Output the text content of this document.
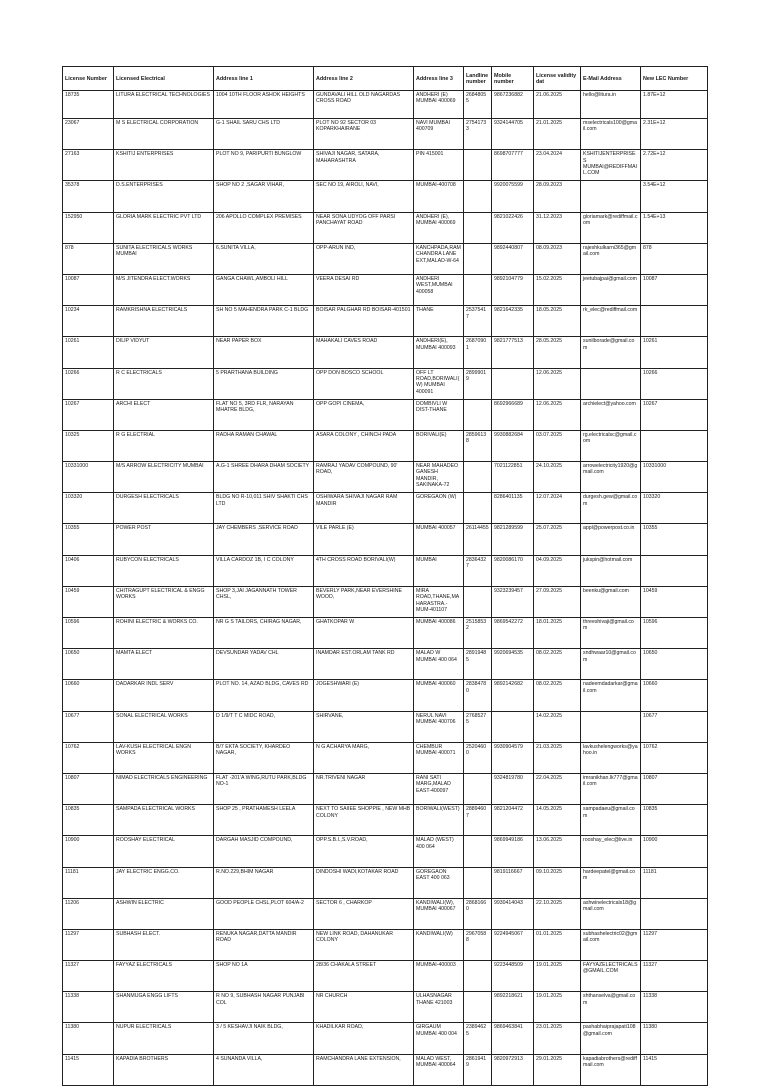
License Number	Licensed Electrical	Address line 1	Address line 2	Address line 3	Landline number	Mobile number	License validity dat	E-Mail Address	New LEC Number
18735	LITURA ELECTRICAL TECHNOLOGIES	1004 10TH FLOOR ASHOK HEIGHTS	GUNDAVALI HILL OLD NAGARDAS CROSS ROAD	ANDHERI (E) MUMBAI 400069	26848055	9867236882	21.06.2025	hello@litura.in	1.87E+12
23067	M S ELECTRICAL CORPORATION	G-1 SHAIL SARU CHS LTD	PLOT NO 92 SECTOR 03 KOPARKHAIRANE	NAVI MUMBAI 400709	27541733	9324144705	21.01.2025	mselectricals100@gmail.com	2.31E+12
27163	KSHITIJ ENTERPRISES	PLOT NO 9, PARIPURTI BUNGLOW	SHIVAJI NAGAR, SATARA, MAHARASHTRA	PIN 415001		8698707777	23.04.2024	KSHITIJENTERPRISES MUMBAI@REDIFFMAIL.COM	2.72E+12
35378	D.S.ENTERPRISES	SHOP NO 2 ,SAGAR VIHAR,	SEC NO 19, AIROLI, NAVI,	MUMBAI-400708		9920075599	28.09.2023		3.54E+12
152950	GLORIA MARK ELECTRIC PVT LTD	206 APOLLO COMPLEX PREMISES	NEAR SONA UDYOG OFF PARSI PANCHAYAT ROAD	ANDHERI (E), MUMBAI 400069		9821022426	31.12.2023	gloriamark@rediffmail.com	1.54E+13
878	SUNITA ELECTRICALS WORKS MUMBAI	6,SUNITA VILLA,	OPP-ARUN IND,	KANCHPADA,RAM CHANDRA LANE EXT,MALAD-W-64		9892440807	08.09.2023	rajeshkulkarni365@gmail.com	878
10087	M/S JITENDRA ELECT.WORKS	GANGA CHAWL,AMBOLI HILL	VEERA DESAI RD	ANDHERI WEST,MUMBAI 400058		9892104779	15.02.2025	jeetubajpai@gmail.com	10087
10234	RAMKRISHNA ELECTRICALS	SH NO 5 MAHENDRA PARK C-1 BLDG	BOISAR PALGHAR RD BOISAR-401501	THANE	25375417	9821642335	18.05.2025	rk_elec@rediffmail.com	
10261	DILIP VIDYUT	NEAR PAPER BOX	MAHAKALI CAVES ROAD	ANDHERI(E), MUMBAI 400093	26870901	9821777513	28.05.2025	sunilborade@gmail.com	10261
10266	R C ELECTRICALS	5 PRARTHANA BUILDING	OPP DON BOSCO SCHOOL	OFF LT ROAD,BORIWALI( W) MUMBAI 400091	28999019		12.06.2025		10266
10267	ARCHI ELECT	FLAT NO 5, 3RD FLR, NARAYAN MHATRE BLDG,	OPP GOPI CINEMA,	DOMBIVLI W DIST-THANE		8692966689	12.06.2025	archielect@yahoo.com	10267
10325	R G ELECTRIAL	RADHA RAMAN CHAWAL	ASARA COLONY , CHINCH PADA	BORIVALI(E)	28596138	9930882684	03.07.2025	rg.electricalsc@gmail.com	
10331000	M/S ARROW ELECTRICITY MUMBAI	A.G-1 SHREE DHARA DHAM SOCIETY	RAMRAJ YADAV COMPOUND, 90' ROAD,	NEAR MAHADEO GANESH MANDIR, SAKINAKA-72		7021122851	24.10.2025	arrowelectricity1920@gmail.com	10331000
103320	DURGESH ELECTRICALS	BLDG NO R-10,011 SHIV SHAKTI CHS LTD	OSHIWARA SHIVAJI NAGAR RAM MANDIR	GOREGAON (W)		8286401135	12.07.2024	durgesh.gew@gmail.com	103320
10355	POWER POST	JAY CHEMBERS ,SERVICE ROAD	VILE PARLE (E)	MUMBAI 400057	26114455	9821289599	25.07.2025	appl@powerpost.co.in	10355
10406	RUBYCON ELECTRICALS	VILLA CARDOZ 1B, I C COLONY	4TH CROSS ROAD BORIVALI(W)	MUMBAI	28364327	9820086170	04.09.2025	jukspin@hotmail.com	
10459	CHITRAGUPT ELECTRICAL & ENGG WORKS	SHOP 3,JAI JAGANNATH TOWER CHSL,	BEVERLY PARK,NEAR EVERSHINE WOOD,	MIRA ROAD,THANE,MAHARASTRA.-MUM-401107		9323239457	27.09.2025	beenku@gmail.com	10459
10596	ROHINI ELECTRIC & WORKS CO.	NR G S TAILORS, CHIRAG NAGAR,	GHATKOPAR W	MUMBAI 400086	25158532	9869542272	18.01.2025	threeshivaji@gmail.com	10596
10650	MAMTA ELECT	DEVSUNDAR YADAV CHL	INAMDAR EST.ORLAM TANK RD	MALAD W MUMBAI 400 064	28919485	9920694535	08.02.2025	sndhwaar10@gmail.com	10650
10660	DADARKAR INDL SERV	PLOT NO. 14, AZAD BLDG, CAVES RD	JOGESHWARI (E)	MUMBAI 400060	28384780	9892142682	08.02.2025	nadeemdadarkar@gmail.com	10660
10677	SONAL ELECTRICAL WORKS	D 1/9/T T C MIDC ROAD,	SHIRVANE,	NERUL NAVI MUMBAI 400706	27685275		14.02.2025		10677
10762	LAV-KUSH ELECTRICAL ENGN WORKS	B/7 EKTA SOCIETY, KHARDEO NAGAR,	N G ACHARYA MARG,	CHEMBUR MUMBAI 400071	25204600	9930904579	21.03.2025	lavkushelengworks@yahoo.in	10762
10807	NIMAD ELECTRICALS ENGINEERING	FLAT -201'A WING,RUTU PARK,BLDG NO-1	NR.TRIVENI NAGAR	RANI SATI MARG,MALAD EAST-400097		9324819780	22.04.2025	imranikhan.lk777@gmail.com	10807
10835	SAMPADA ELECTRICAL WORKS	SHOP 25 , PRATHAMESH LEELA	NEXT TO SAIIEE SHOPPIE , NEW MHB COLONY	BORIWALI(WEST)	28894607	9821204472	14.05.2025	sampadaeu@gmail.com	10835
10900	ROOSHAY ELECTRICAL	DARGAH MASJID COMPOUND,	OPP.S.B.I.,S.V.ROAD,	MALAD (WEST) 400 064		9869949186	13.06.2025	rooshay_elec@live.in	10900
11181	JAY ELECTRIC ENGG.CO.	R.NO.229,BHIM NAGAR	DINDOSHI WADI,KOTAKAR ROAD	GOREGAON EAST 400 063		9819116667	09.10.2025	hardeepatel@gmail.com	11181
11206	ASHWIN ELECTRIC	GOOD PEOPLE CHSL,PLOT 604/A-2	SECTOR 6 , CHARKOP	KANDIWALI(W), MUMBAI 400067	28681660	9930414043	22.10.2025	ashwinelectricals18@gmail.com	
11297	SUBHASH ELECT.	RENUKA NAGAR,DATTA MANDIR ROAD	NEW LINK ROAD, DAHANUKAR COLONY	KANDIWALI(W)	29670588	9224945067	01.01.2025	subhashelectric02@gmail.com	11297
11327	FAYYAZ ELECTRICALS	SHOP NO 1A	28/36 CHAKALA STREET	MUMBAI-400003		9223448509	19.01.2025	FAYYAZELECTRICALS@GMAIL.COM	11327
11338	SHANMUGA ENGG LIFTS	R NO 9, SUBHASH NAGAR PUNJABI COL	NR CHURCH	ULHASNAGAR THANE 421003		9892218621	19.01.2025	shthanselva@gmail.com	11338
11380	NUPUR ELECTRICALS	3 / 5 KESHAVJI NAIK BLDG,	KHADILKAR ROAD,	GIRGAUM MUMBAI 400 004	23894625	9869463841	23.01.2025	pashabhaiprajapati108@gmail.com	11380
11415	KAPADIA BROTHERS	4 SUNANDA VILLA,	RAMCHANDRA LANE EXTENSION,	MALAD WEST, MUMBAI 400064	28619419	9820972913	29.01.2025	kapadiabrothers@rediffmail.com	11415
